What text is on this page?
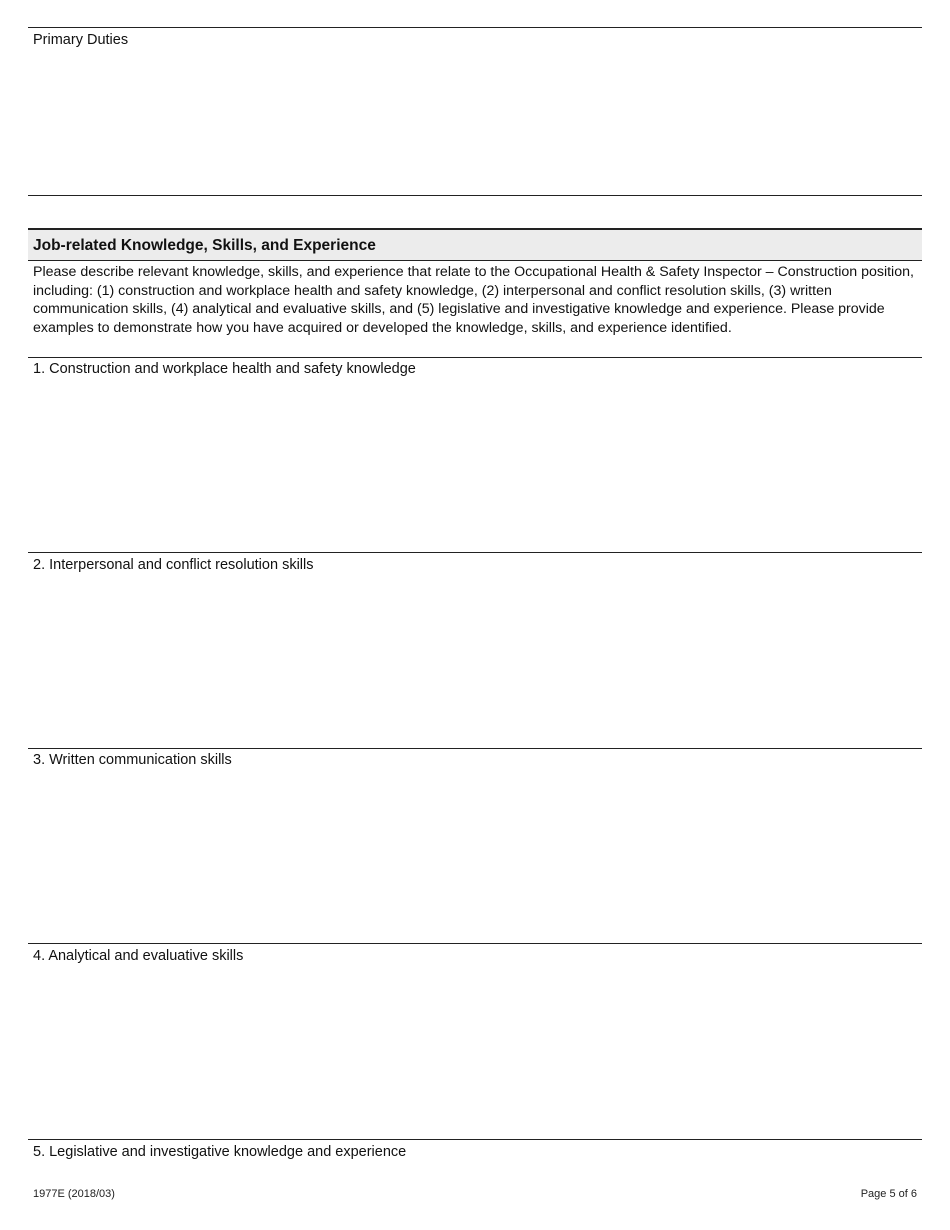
Primary Duties
Job-related Knowledge, Skills, and Experience
Please describe relevant knowledge, skills, and experience that relate to the Occupational Health & Safety Inspector – Construction position, including: (1) construction and workplace health and safety knowledge, (2) interpersonal and conflict resolution skills, (3) written communication skills, (4) analytical and evaluative skills, and (5) legislative and investigative knowledge and experience. Please provide examples to demonstrate how you have acquired or developed the knowledge, skills, and experience identified.
1. Construction and workplace health and safety knowledge
2. Interpersonal and conflict resolution skills
3. Written communication skills
4. Analytical and evaluative skills
5. Legislative and investigative knowledge and experience
1977E (2018/03)	Page 5 of 6
